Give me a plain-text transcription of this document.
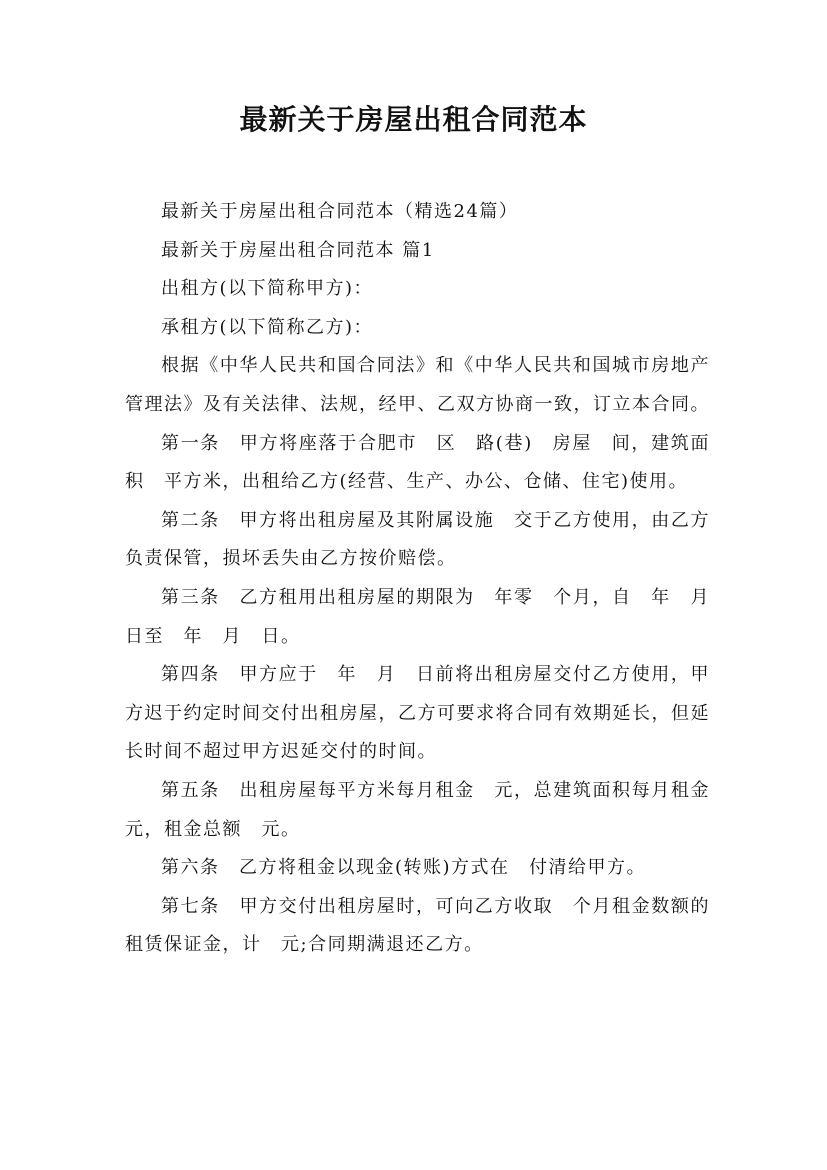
最新关于房屋出租合同范本

最新关于房屋出租合同范本（精选24篇）

最新关于房屋出租合同范本 篇1

出租方(以下简称甲方)：

承租方(以下简称乙方)：

根据《中华人民共和国合同法》和《中华人民共和国城市房地产管理法》及有关法律、法规，经甲、乙双方协商一致，订立本合同。

第一条　甲方将座落于合肥市　区　路(巷)　房屋　间，建筑面积　平方米，出租给乙方(经营、生产、办公、仓储、住宅)使用。

第二条　甲方将出租房屋及其附属设施　交于乙方使用，由乙方负责保管，损坏丢失由乙方按价赔偿。

第三条　乙方租用出租房屋的期限为　年零　个月，自　年　月　日至　年　月　日。

第四条　甲方应于　年　月　日前将出租房屋交付乙方使用，甲方迟于约定时间交付出租房屋，乙方可要求将合同有效期延长，但延长时间不超过甲方迟延交付的时间。

第五条　出租房屋每平方米每月租金　元，总建筑面积每月租金　元，租金总额　元。

第六条　乙方将租金以现金(转账)方式在　付清给甲方。

第七条　甲方交付出租房屋时，可向乙方收取　个月租金数额的租赁保证金，计　元;合同期满退还乙方。
